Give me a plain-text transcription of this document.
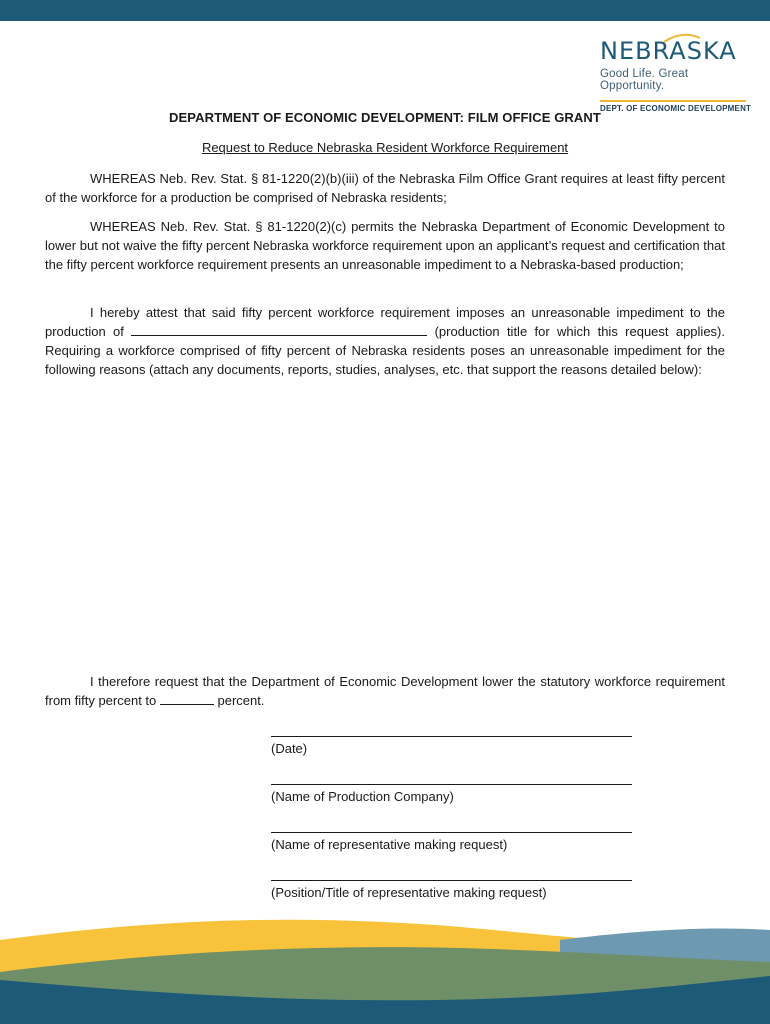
NEBRASKA
Good Life. Great Opportunity.
DEPT. OF ECONOMIC DEVELOPMENT
DEPARTMENT OF ECONOMIC DEVELOPMENT: FILM OFFICE GRANT
Request to Reduce Nebraska Resident Workforce Requirement

WHEREAS Neb. Rev. Stat. § 81-1220(2)(b)(iii) of the Nebraska Film Office Grant requires at least fifty percent of the workforce for a production be comprised of Nebraska residents;

WHEREAS Neb. Rev. Stat. § 81-1220(2)(c) permits the Nebraska Department of Economic Development to lower but not waive the fifty percent Nebraska workforce requirement upon an applicant’s request and certification that the fifty percent workforce requirement presents an unreasonable impediment to a Nebraska-based production;

I hereby attest that said fifty percent workforce requirement imposes an unreasonable impediment to the production of	(production title for which this request applies). Requiring a workforce comprised of fifty percent of Nebraska residents poses an unreasonable impediment for the following reasons (attach any documents, reports, studies, analyses, etc. that support the reasons detailed below):

I therefore request that the Department of Economic Development lower the statutory workforce requirement from fifty percent to	percent.

(Date)
(Name of Production Company)
(Name of representative making request)
(Position/Title of representative making request)
